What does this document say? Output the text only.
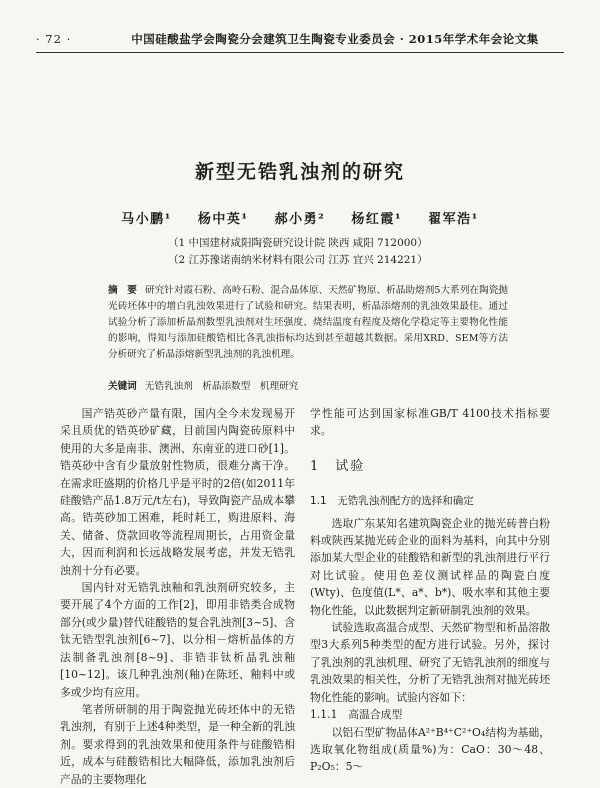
· 72 ·	中国硅酸盐学会陶瓷分会建筑卫生陶瓷专业委员会 · 2015年学术年会论文集
新型无锆乳浊剂的研究
马小鹏¹ 杨中英¹ 郝小勇² 杨红霞¹ 翟军浩¹
（1 中国建材咸阳陶瓷研究设计院 陕西 咸阳 712000）
（2 江苏豫诺南纳米材料有限公司 江苏 宜兴 214221）
摘　要 研究针对霞石粉、高岭石粉、混合晶体原、天然矿物原、析晶助熔剂5大系列在陶瓷抛光砖坯体中的增白乳浊效果进行了试验和研究。结果表明，析晶添熔剂的乳浊效果最佳。通过试验分析了添加析晶剂数型乳浊剂对生坯强度、烧结温度有程度及熔化学稳定等主要物化性能的影响，得知与添加硅酸锆相比各乳浊指标均达到甚至超越其数据。采用XRD、SEM等方法分析研究了析晶添熔新型乳浊剂的乳浊机理。
关键词 无锆乳浊剂　析晶添数型　机理研究

国产锆英砂产量有限，国内全今未发现易开采且质优的锆英砂矿藏，目前国内陶瓷砖原料中使用的大多是南非、澳洲、东南亚的进口砂[1]。锆英砂中含有少量放射性物质，很难分离干净。在需求旺盛期的价格几乎是平时的2倍(如2011年硅酸锆产品1.8万元/t左右)，导致陶瓷产品成本攀高。锆英砂加工困难，耗时耗工，购进原料、海关、储备、贷款回收等流程周期长，占用资金量大，因而利润和长远战略发展考虑，并发无锆乳浊剂十分有必要。

国内针对无锆乳浊釉和乳浊剂研究较多，主要开展了4个方面的工作[2]，即用非锆类合成物部分(或少量)替代硅酸锆的复合乳浊剂[3~5]、含钛无锆型乳浊剂[6~7]、以分相－熔析晶体的方法制备乳浊剂[8~9]、非锆非钛析晶乳浊釉[10~12]。该几种乳浊剂(釉)在陈坯、釉料中或多或少均有应用。

笔者所研制的用于陶瓷抛光砖坯体中的无锆乳浊剂，有别于上述4种类型，是一种全新的乳浊剂。要求得到的乳浊效果和使用条件与硅酸锆相近，成本与硅酸锆相比大幅降低，添加乳浊剂后产品的主要物理化

学性能可达到国家标准GB/T 4100技术指标要求。

1　试验
1.1　无锆乳浊剂配方的选择和确定

选取广东某知名建筑陶瓷企业的抛光砖普白粉料或陕西某抛光砖企业的面料为基料，向其中分别添加某大型企业的硅酸锆和新型的乳浊剂进行平行对比试验。使用色差仪测试样品的陶瓷白度(Wty)、色度值(L*、a*、b*)、吸水率和其他主要物化性能，以此数据判定新研制乳浊剂的效果。

试验选取高温合成型、天然矿物型和析晶溶散型3大系列5种类型的配方进行试验。另外，探讨了乳浊剂的乳浊机理、研究了无锆乳浊剂的细度与乳浊效果的相关性，分析了无锆乳浊剂对抛光砖坯物化性能的影响。试验内容如下：

1.1.1　高温合成型

以铝石型矿物晶体A²⁺B⁴⁺C²⁺O₄结构为基础，选取氧化物组成(质量%)为：CaO：30～48、P₂O₅：5～
